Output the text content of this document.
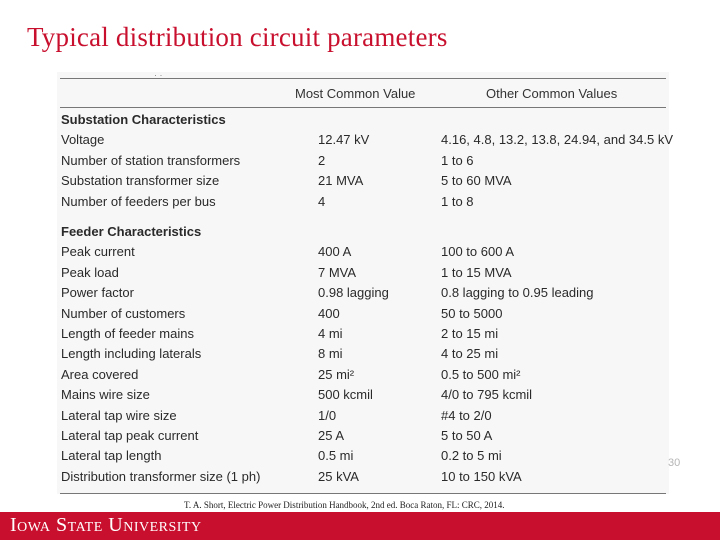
Typical distribution circuit parameters
· ·
Most Common Value	Other Common Values
Substation Characteristics
Voltage	12.47 kV	4.16, 4.8, 13.2, 13.8, 24.94, and 34.5 kV
Number of station transformers	2	1 to 6
Substation transformer size	21 MVA	5 to 60 MVA
Number of feeders per bus	4	1 to 8
Feeder Characteristics
Peak current	400 A	100 to 600 A
Peak load	7 MVA	1 to 15 MVA
Power factor	0.98 lagging	0.8 lagging to 0.95 leading
Number of customers	400	50 to 5000
Length of feeder mains	4 mi	2 to 15 mi
Length including laterals	8 mi	4 to 25 mi
Area covered	25 mi²	0.5 to 500 mi²
Mains wire size	500 kcmil	4/0 to 795 kcmil
Lateral tap wire size	1/0	#4 to 2/0
Lateral tap peak current	25 A	5 to 50 A
Lateral tap length	0.5 mi	0.2 to 5 mi
Distribution transformer size (1 ph)	25 kVA	10 to 150 kVA
30
T. A. Short, Electric Power Distribution Handbook, 2nd ed. Boca Raton, FL: CRC, 2014.
Iowa State University
